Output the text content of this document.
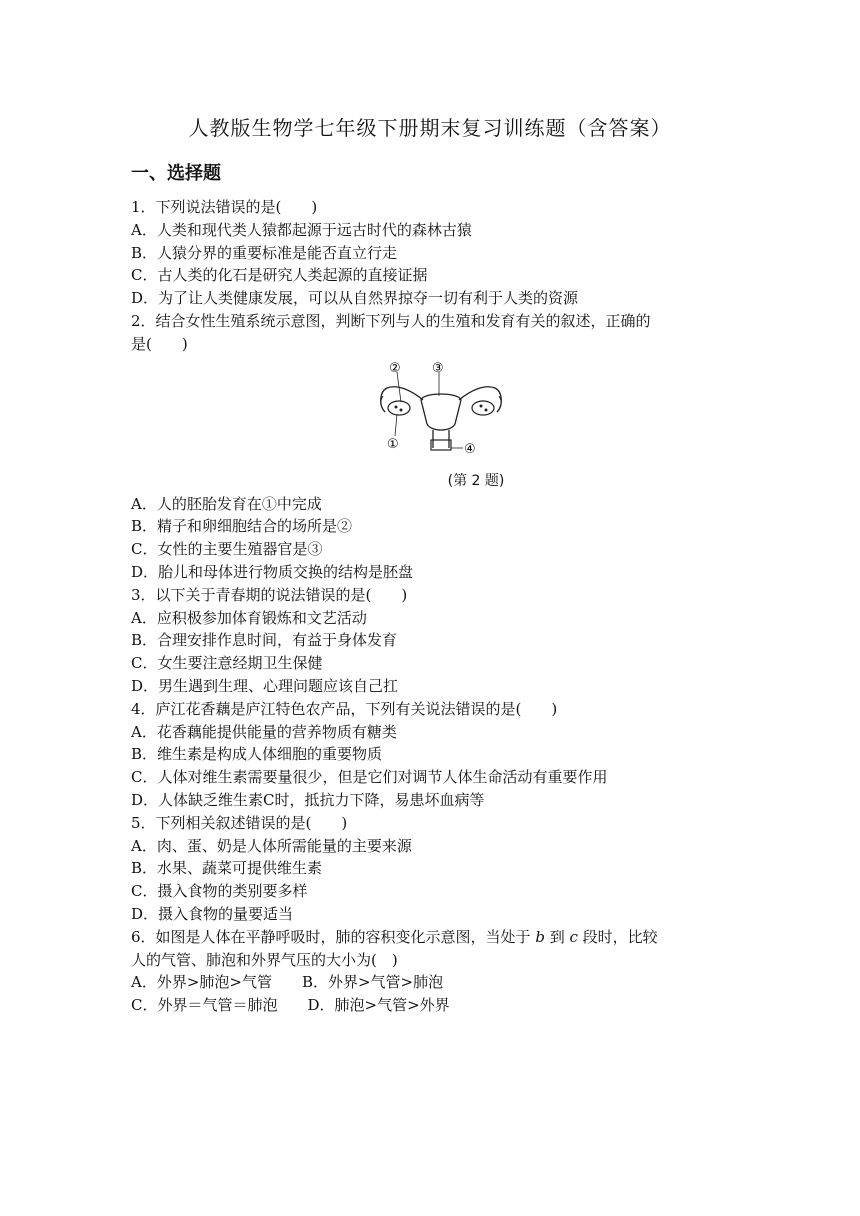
人教版生物学七年级下册期末复习训练题（含答案）
一、选择题
1．下列说法错误的是(　　)
A．人类和现代类人猿都起源于远古时代的森林古猿
B．人猿分界的重要标准是能否直立行走
C．古人类的化石是研究人类起源的直接证据
D．为了让人类健康发展，可以从自然界掠夺一切有利于人类的资源
2．结合女性生殖系统示意图，判断下列与人的生殖和发育有关的叙述，正确的
是(　　)
② ③
①	④
(第 2 题)
A．人的胚胎发育在①中完成
B．精子和卵细胞结合的场所是②
C．女性的主要生殖器官是③
D．胎儿和母体进行物质交换的结构是胚盘
3．以下关于青春期的说法错误的是(　　)
A．应积极参加体育锻炼和文艺活动
B．合理安排作息时间，有益于身体发育
C．女生要注意经期卫生保健
D．男生遇到生理、心理问题应该自己扛
4．庐江花香藕是庐江特色农产品，下列有关说法错误的是(　　)
A．花香藕能提供能量的营养物质有糖类
B．维生素是构成人体细胞的重要物质
C．人体对维生素需要量很少，但是它们对调节人体生命活动有重要作用
D．人体缺乏维生素C时，抵抗力下降，易患坏血病等
5．下列相关叙述错误的是(　　)
A．肉、蛋、奶是人体所需能量的主要来源
B．水果、蔬菜可提供维生素
C．摄入食物的类别要多样
D．摄入食物的量要适当
6．如图是人体在平静呼吸时，肺的容积变化示意图，当处于 b 到 c 段时，比较
人的气管、肺泡和外界气压的大小为(　)
A．外界>肺泡>气管　　B．外界>气管>肺泡
C．外界＝气管＝肺泡　　D．肺泡>气管>外界
